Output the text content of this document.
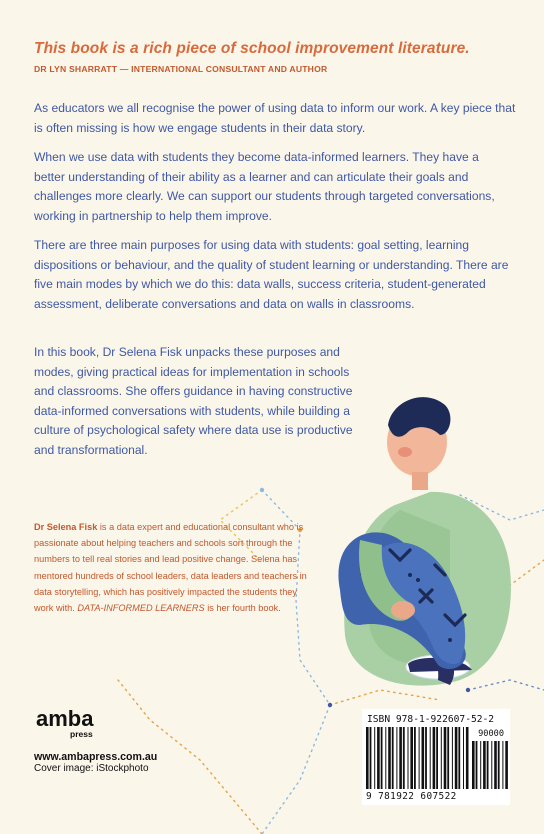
This book is a rich piece of school improvement literature.
DR LYN SHARRATT — INTERNATIONAL CONSULTANT AND AUTHOR

As educators we all recognise the power of using data to inform our work. A key piece that is often missing is how we engage students in their data story.

When we use data with students they become data-informed learners. They have a better understanding of their ability as a learner and can articulate their goals and challenges more clearly. We can support our students through targeted conversations, working in partnership to help them improve.

There are three main purposes for using data with students: goal setting, learning dispositions or behaviour, and the quality of student learning or understanding. There are five main modes by which we do this: data walls, success criteria, student-generated assessment, deliberate conversations and data on walls in classrooms.

In this book, Dr Selena Fisk unpacks these purposes and modes, giving practical ideas for implementation in schools and classrooms. She offers guidance in having constructive data-informed conversations with students, while building a culture of psychological safety where data use is productive and transformational.

Dr Selena Fisk is a data expert and educational consultant who is passionate about helping teachers and schools sort through the numbers to tell real stories and lead positive change. Selena has mentored hundreds of school leaders, data leaders and teachers in data storytelling, which has positively impacted the students they work with. DATA-INFORMED LEARNERS is her fourth book.

amba
press
www.ambapress.com.au
Cover image: iStockphoto
ISBN 978-1-922607-52-2
90000
9 781922 607522
